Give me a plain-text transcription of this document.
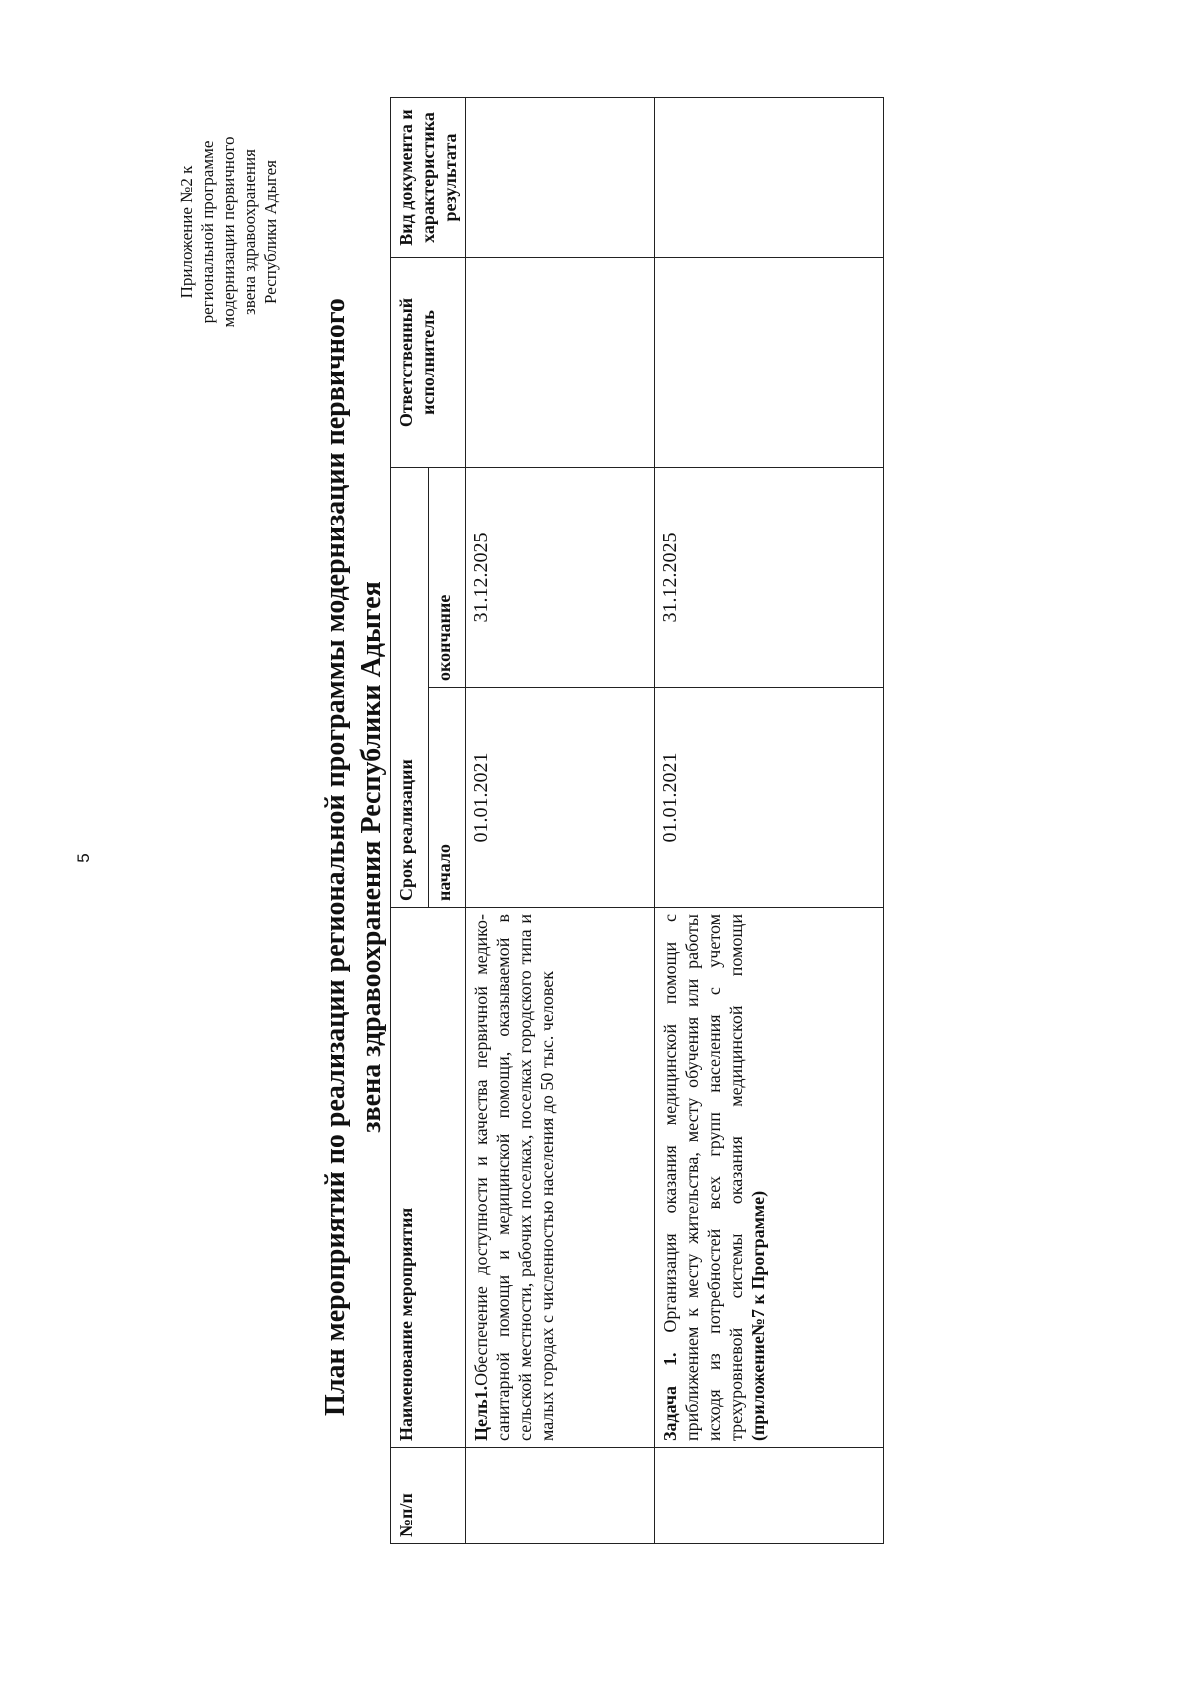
5
Приложение №2 к региональной программе модернизации первичного звена здравоохранения Республики Адыгея
План мероприятий по реализации региональной программы модернизации первичного звена здравоохранения Республики Адыгея
№п/п	Наименование мероприятия	Срок реализации		Ответственный исполнитель	Вид документа и характеристика результата
		начало	окончание		
	Цель1.Обеспечение доступности и качества первичной медико-санитарной помощи и медицинской помощи, оказываемой в сельской местности, рабочих поселках, поселках городского типа и малых городах с численностью населения до 50 тыс. человек	01.01.2021	31.12.2025		
	Задача 1. Организация оказания медицинской помощи с приближением к месту жительства, месту обучения или работы исходя из потребностей всех групп населения с учетом трехуровневой системы оказания медицинской помощи (приложение№7 к Программе)	01.01.2021	31.12.2025		
